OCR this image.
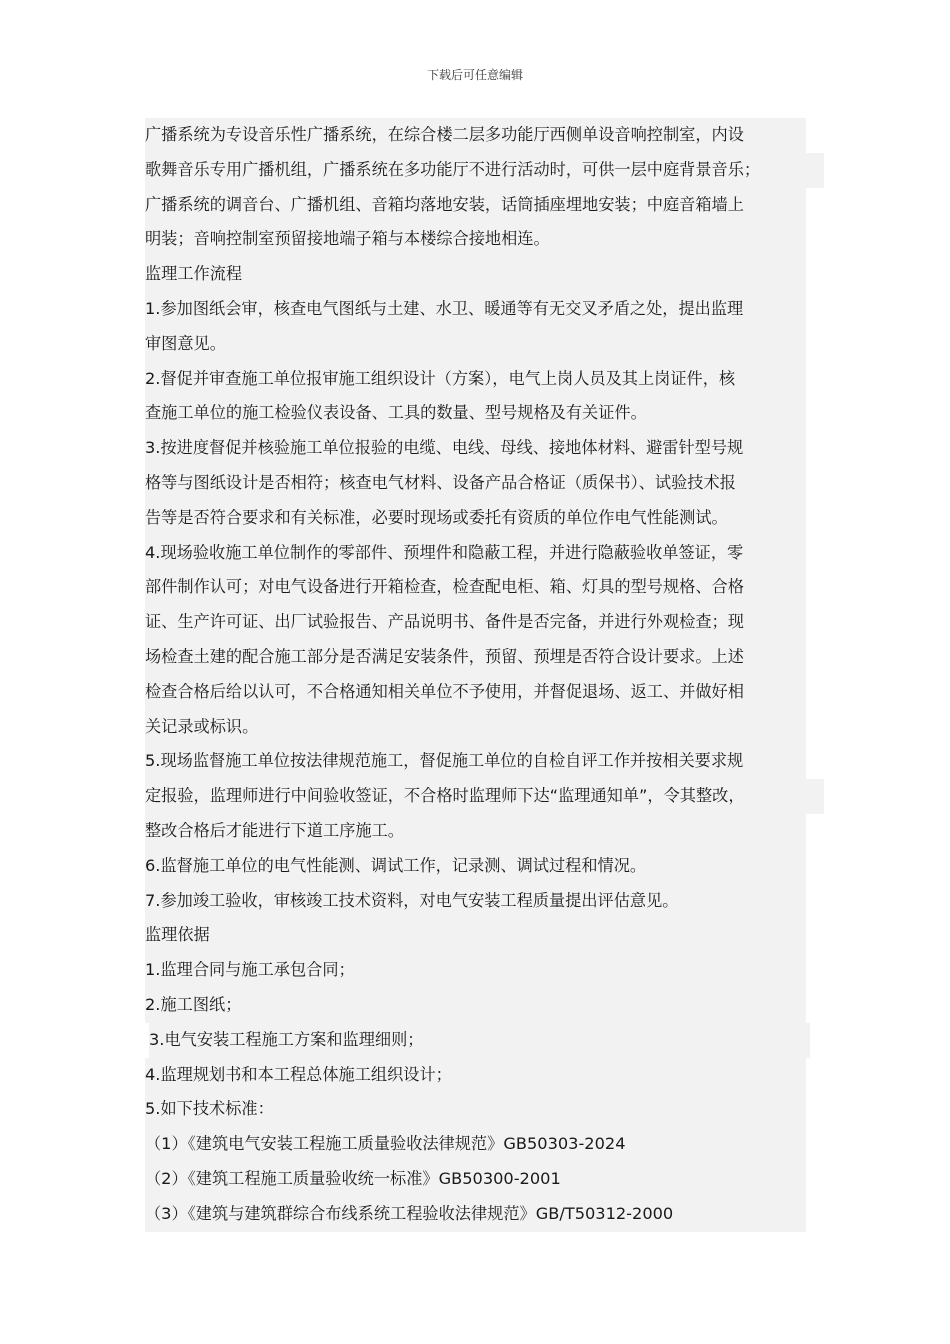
下载后可任意编辑
广播系统为专设音乐性广播系统，在综合楼二层多功能厅西侧单设音响控制室，内设
歌舞音乐专用广播机组，广播系统在多功能厅不进行活动时，可供一层中庭背景音乐；
广播系统的调音台、广播机组、音箱均落地安装，话筒插座埋地安装；中庭音箱墙上
明装；音响控制室预留接地端子箱与本楼综合接地相连。
监理工作流程
1.参加图纸会审，核查电气图纸与土建、水卫、暖通等有无交叉矛盾之处，提出监理
审图意见。
2.督促并审查施工单位报审施工组织设计（方案），电气上岗人员及其上岗证件，核
查施工单位的施工检验仪表设备、工具的数量、型号规格及有关证件。
3.按进度督促并核验施工单位报验的电缆、电线、母线、接地体材料、避雷针型号规
格等与图纸设计是否相符；核查电气材料、设备产品合格证（质保书）、试验技术报
告等是否符合要求和有关标准，必要时现场或委托有资质的单位作电气性能测试。
4.现场验收施工单位制作的零部件、预埋件和隐蔽工程，并进行隐蔽验收单签证，零
部件制作认可；对电气设备进行开箱检查，检查配电柜、箱、灯具的型号规格、合格
证、生产许可证、出厂试验报告、产品说明书、备件是否完备，并进行外观检查；现
场检查土建的配合施工部分是否满足安装条件，预留、预埋是否符合设计要求。上述
检查合格后给以认可，不合格通知相关单位不予使用，并督促退场、返工、并做好相
关记录或标识。
5.现场监督施工单位按法律规范施工，督促施工单位的自检自评工作并按相关要求规
定报验，监理师进行中间验收签证，不合格时监理师下达“监理通知单”，令其整改，
整改合格后才能进行下道工序施工。
6.监督施工单位的电气性能测、调试工作，记录测、调试过程和情况。
7.参加竣工验收，审核竣工技术资料，对电气安装工程质量提出评估意见。
监理依据
1.监理合同与施工承包合同；
2.施工图纸；
3.电气安装工程施工方案和监理细则；
4.监理规划书和本工程总体施工组织设计；
5.如下技术标准：
（1）《建筑电气安装工程施工质量验收法律规范》GB50303-2024
（2）《建筑工程施工质量验收统一标准》GB50300-2001
（3）《建筑与建筑群综合布线系统工程验收法律规范》GB/T50312-2000
